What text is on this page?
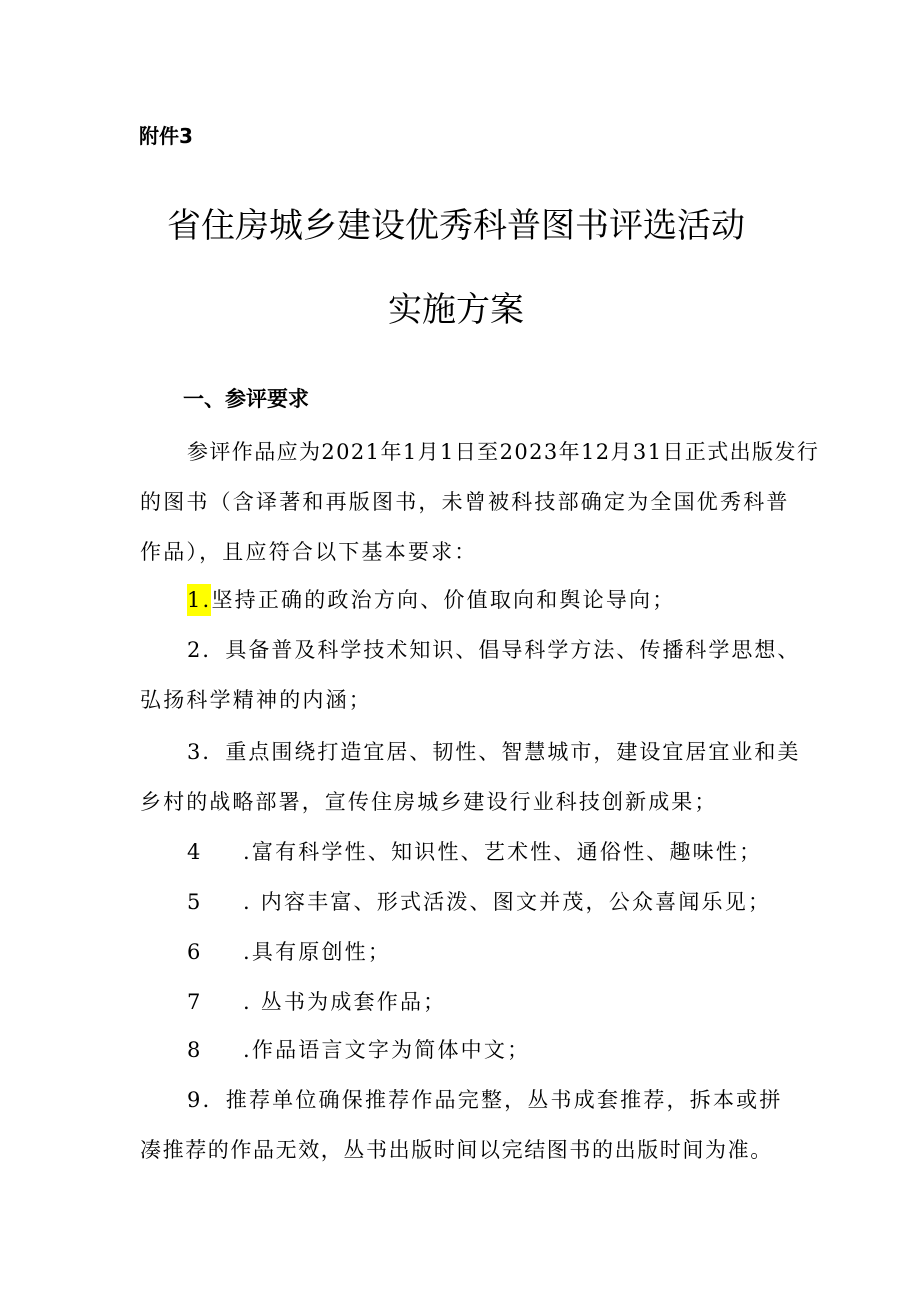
附件3
省住房城乡建设优秀科普图书评选活动
实施方案
一、参评要求
参评作品应为2021年1月1日至2023年12月31日正式出版发行
的图书（含译著和再版图书，未曾被科技部确定为全国优秀科普
作品），且应符合以下基本要求：
1.坚持正确的政治方向、价值取向和舆论导向；
2．具备普及科学技术知识、倡导科学方法、传播科学思想、
弘扬科学精神的内涵；
3．重点围绕打造宜居、韧性、智慧城市，建设宜居宜业和美
乡村的战略部署，宣传住房城乡建设行业科技创新成果；
4 .富有科学性、知识性、艺术性、通俗性、趣味性；
5 . 内容丰富、形式活泼、图文并茂，公众喜闻乐见；
6 .具有原创性；
7 . 丛书为成套作品；
8 .作品语言文字为简体中文；
9．推荐单位确保推荐作品完整，丛书成套推荐，拆本或拼
凑推荐的作品无效，丛书出版时间以完结图书的出版时间为准。
